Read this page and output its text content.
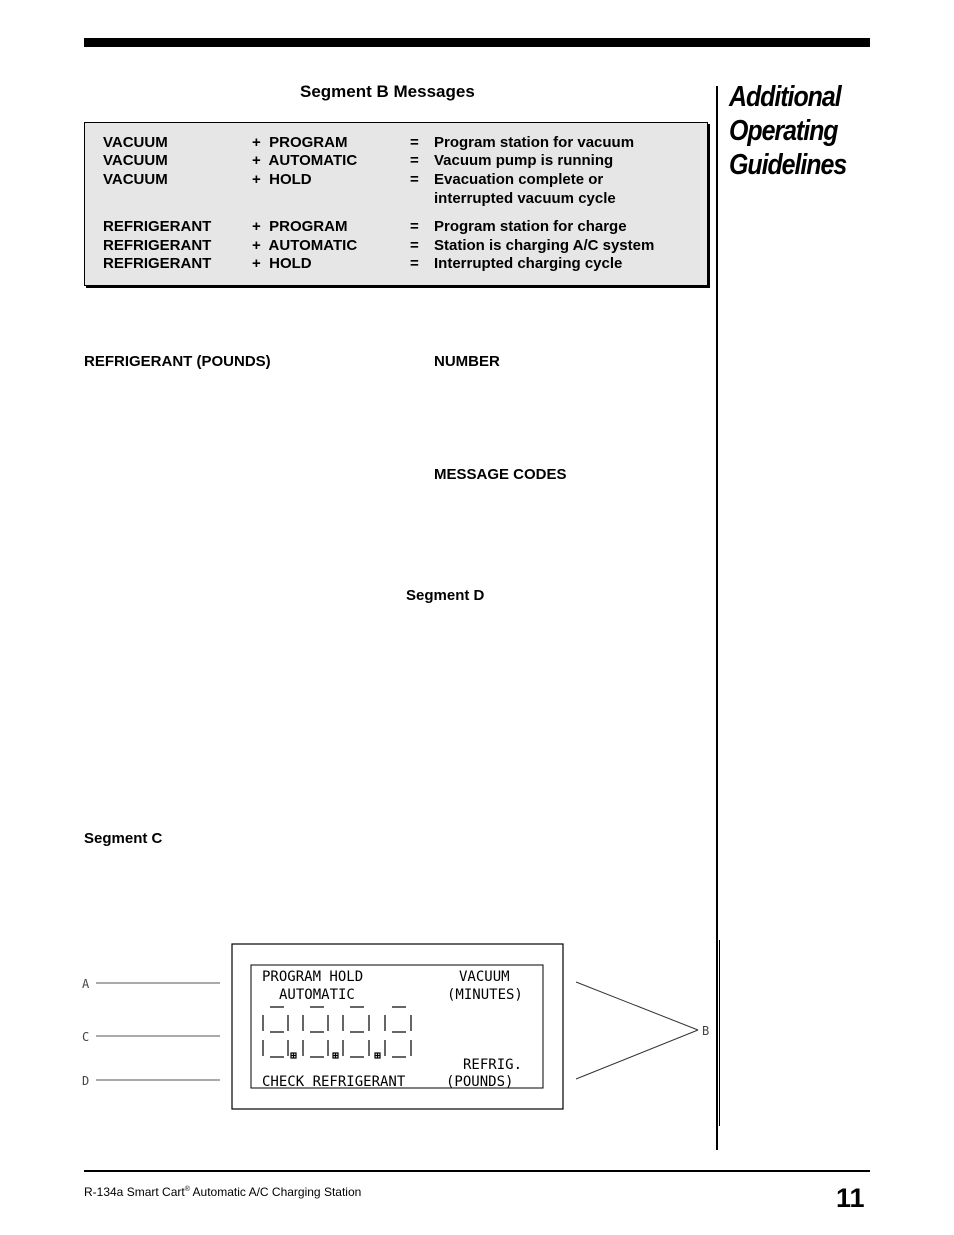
Additional
Operating
Guidelines
Segment B Messages
VACUUM	+ PROGRAM	= Program station for vacuum
VACUUM	+ AUTOMATIC	= Vacuum pump is running
VACUUM	+ HOLD	= Evacuation complete or
interrupted vacuum cycle
REFRIGERANT	+ PROGRAM	= Program station for charge
REFRIGERANT	+ AUTOMATIC	= Station is charging A/C system
REFRIGERANT	+ HOLD	= Interrupted charging cycle
REFRIGERANT (POUNDS)	NUMBER
MESSAGE CODES
Segment D
Segment C
PROGRAM HOLD	VACUUM
AUTOMATIC	(MINUTES)
REFRIG.
CHECK REFRIGERANT	(POUNDS)
A
C
D
B
R-134a Smart Cart® Automatic A/C Charging Station	11
